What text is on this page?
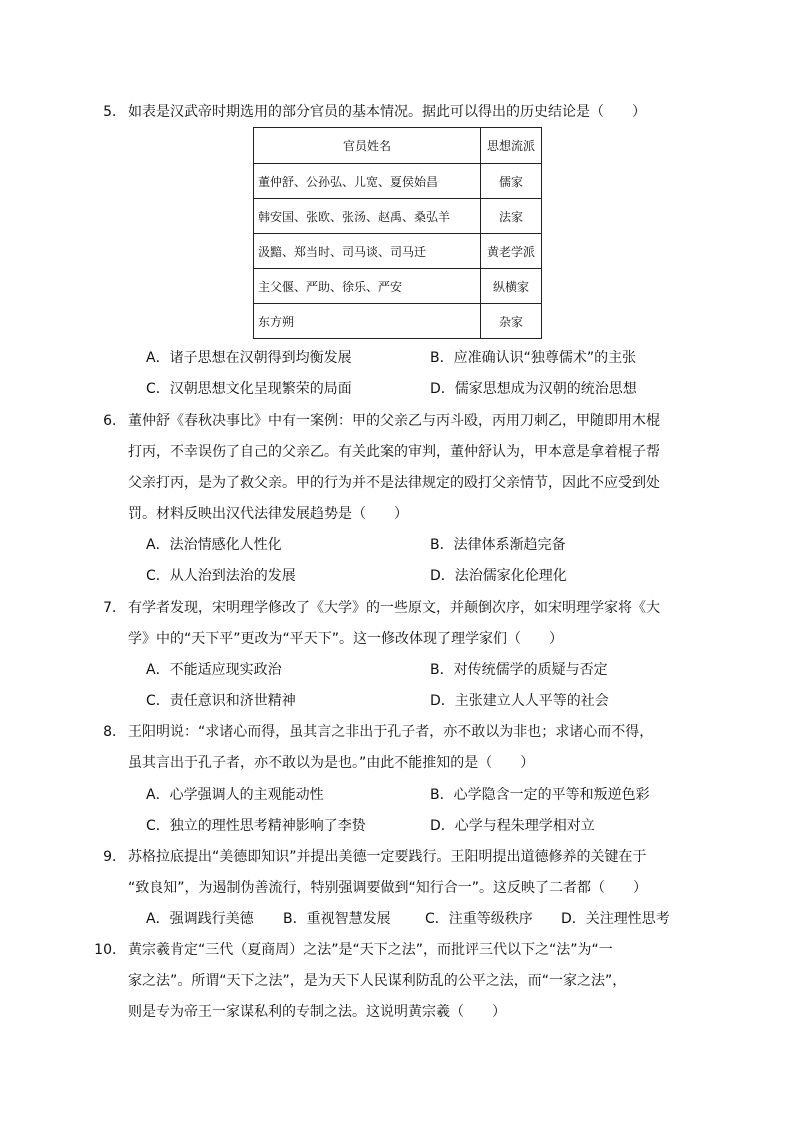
5． 如表是汉武帝时期选用的部分官员的基本情况。据此可以得出的历史结论是（　　）
官员姓名	思想流派
董仲舒、公孙弘、儿宽、夏侯始昌	儒家
韩安国、张欧、张汤、赵禹、桑弘羊	法家
汲黯、郑当时、司马谈、司马迁	黄老学派
主父偃、严助、徐乐、严安	纵横家
东方朔	杂家
A．诸子思想在汉朝得到均衡发展	B．应准确认识“独尊儒术”的主张
C．汉朝思想文化呈现繁荣的局面	D．儒家思想成为汉朝的统治思想
6． 董仲舒《春秋决事比》中有一案例：甲的父亲乙与丙斗殴，丙用刀刺乙，甲随即用木棍
打丙，不幸误伤了自己的父亲乙。有关此案的审判，董仲舒认为，甲本意是拿着棍子帮
父亲打丙，是为了救父亲。甲的行为并不是法律规定的殴打父亲情节，因此不应受到处
罚。材料反映出汉代法律发展趋势是（　　）
A．法治情感化人性化	B．法律体系渐趋完备
C．从人治到法治的发展	D．法治儒家化伦理化
7． 有学者发现，宋明理学修改了《大学》的一些原文，并颠倒次序，如宋明理学家将《大
学》中的“天下平”更改为“平天下”。这一修改体现了理学家们（　　）
A．不能适应现实政治	B．对传统儒学的质疑与否定
C．责任意识和济世精神	D．主张建立人人平等的社会
8． 王阳明说：“求诸心而得，虽其言之非出于孔子者，亦不敢以为非也；求诸心而不得，
虽其言出于孔子者，亦不敢以为是也。”由此不能推知的是（　　）
A．心学强调人的主观能动性	B．心学隐含一定的平等和叛逆色彩
C．独立的理性思考精神影响了李贽	D．心学与程朱理学相对立
9． 苏格拉底提出“美德即知识”并提出美德一定要践行。王阳明提出道德修养的关键在于
“致良知”，为遏制伪善流行，特别强调要做到“知行合一”。这反映了二者都（　　）
A．强调践行美德 B．重视智慧发展 C．注重等级秩序 D．关注理性思考
10． 黄宗羲肯定“三代（夏商周）之法”是“天下之法”，而批评三代以下之“法”为“一
家之法”。所谓“天下之法”，是为天下人民谋利防乱的公平之法，而“一家之法”，
则是专为帝王一家谋私利的专制之法。这说明黄宗羲（　　）
